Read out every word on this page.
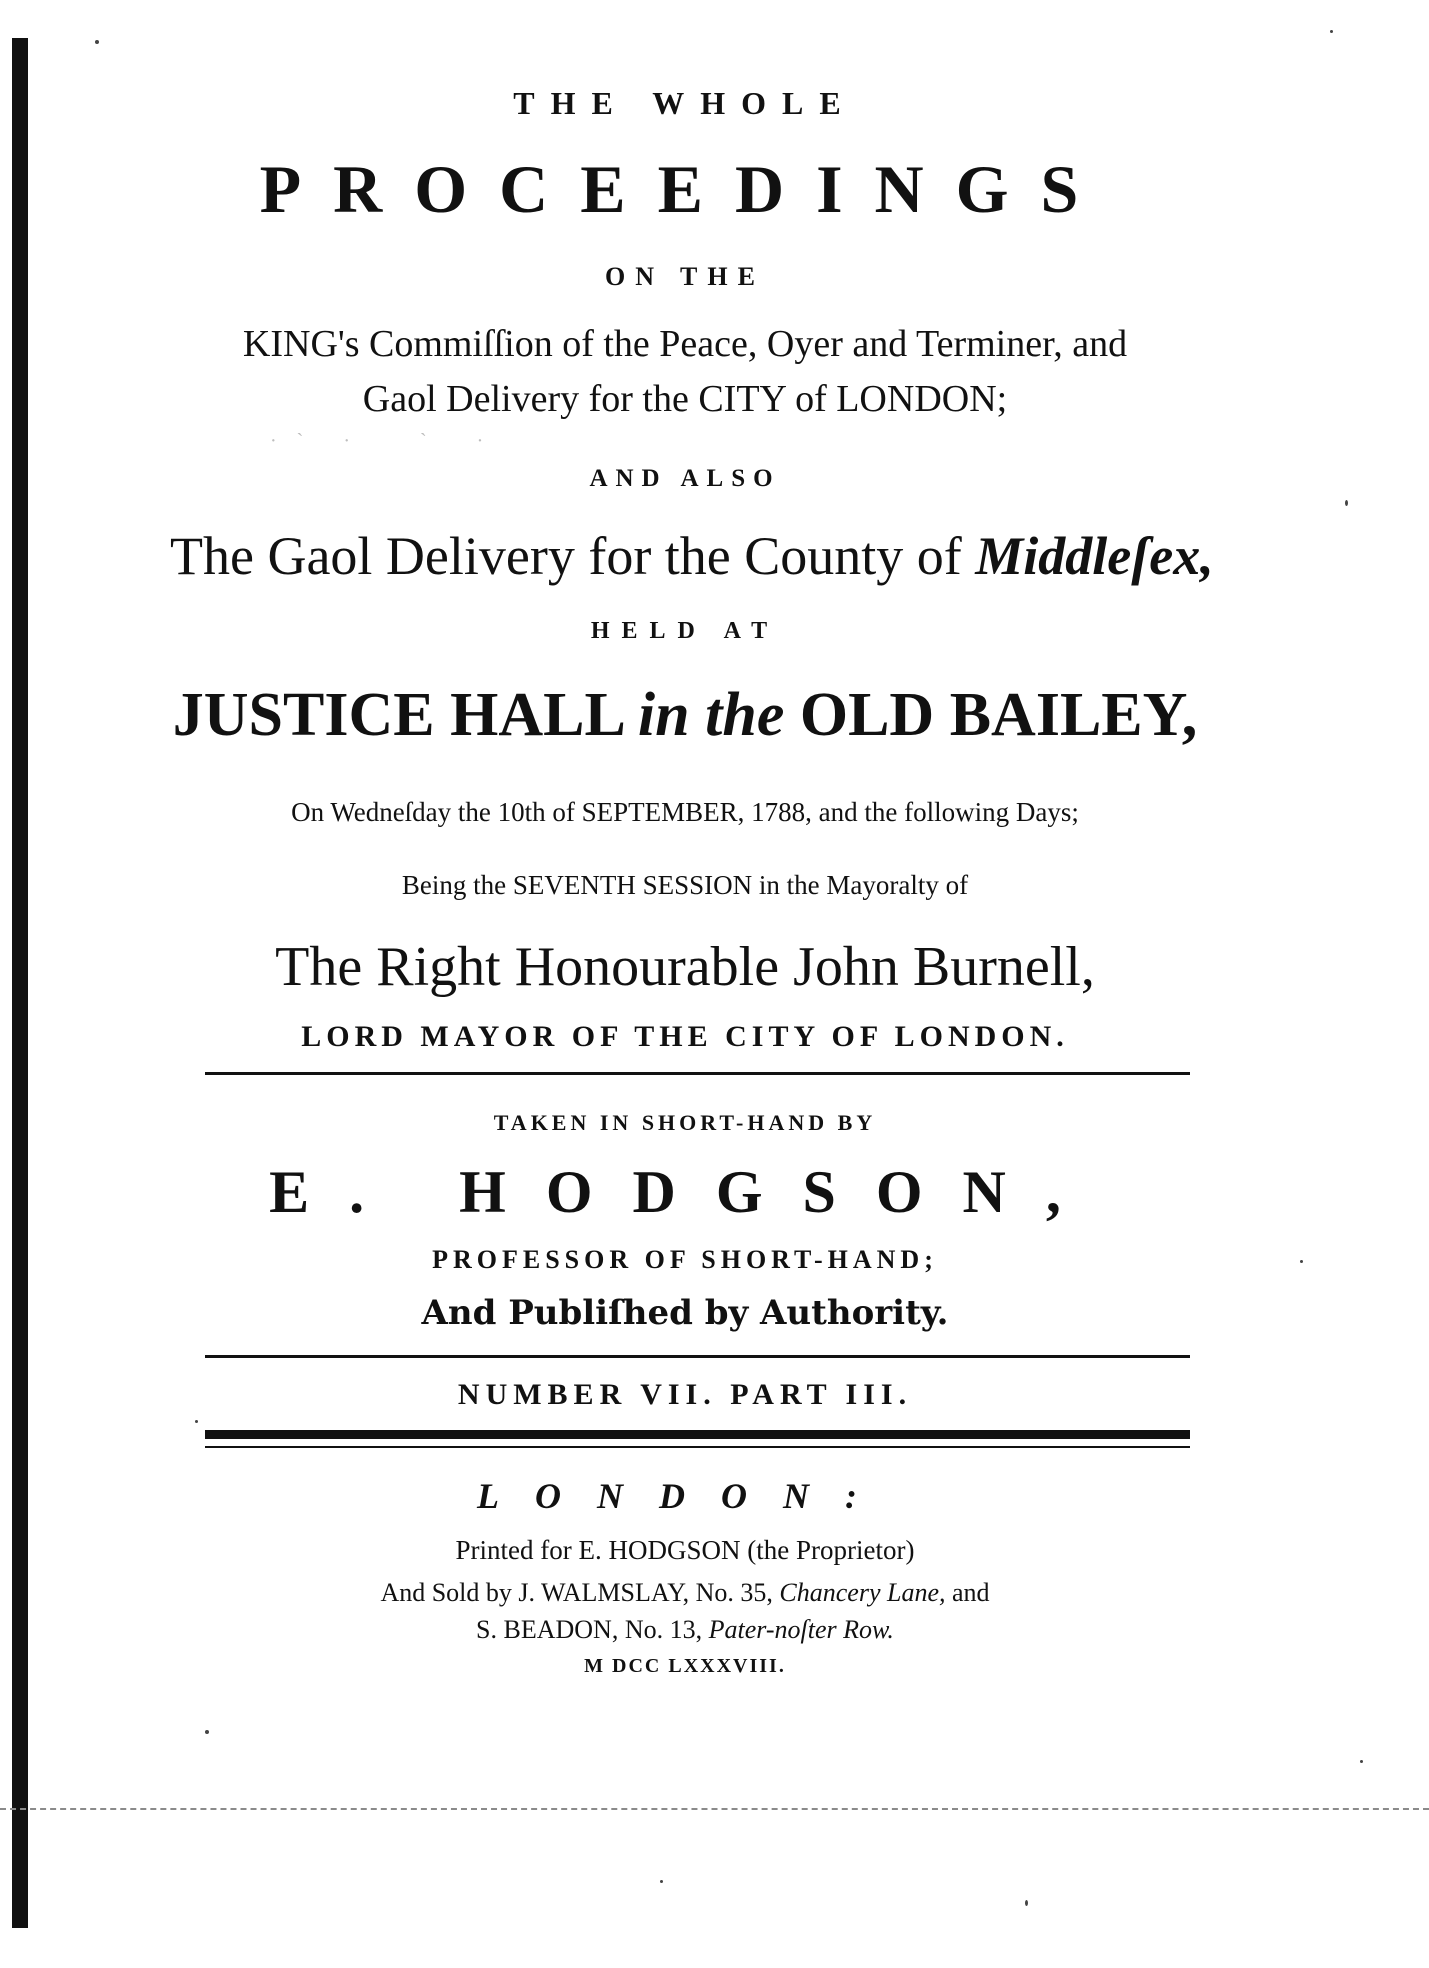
THE WHOLE
PROCEEDINGS
ON THE
KING's Commiſſion of the Peace, Oyer and Terminer, and
Gaol Delivery for the CITY of LONDON;
·    ˋ        ·              ˋ          ·
AND ALSO
The Gaol Delivery for the County of Middleſex,
HELD AT
JUSTICE HALL in the OLD BAILEY,
On Wedneſday the 10th of SEPTEMBER, 1788, and the following Days;
Being the SEVENTH SESSION in the Mayoralty of
The Right Honourable John Burnell,
LORD MAYOR OF THE CITY OF LONDON.
TAKEN IN SHORT-HAND BY
E. HODGSON,
PROFESSOR OF SHORT-HAND;
And Publiſhed by Authority.
NUMBER VII. PART III.
LONDON:
Printed for E. HODGSON (the Proprietor)
And Sold by J. WALMSLAY, No. 35, Chancery Lane, and
S. BEADON, No. 13, Pater-noſter Row.
M DCC LXXXVIII.
